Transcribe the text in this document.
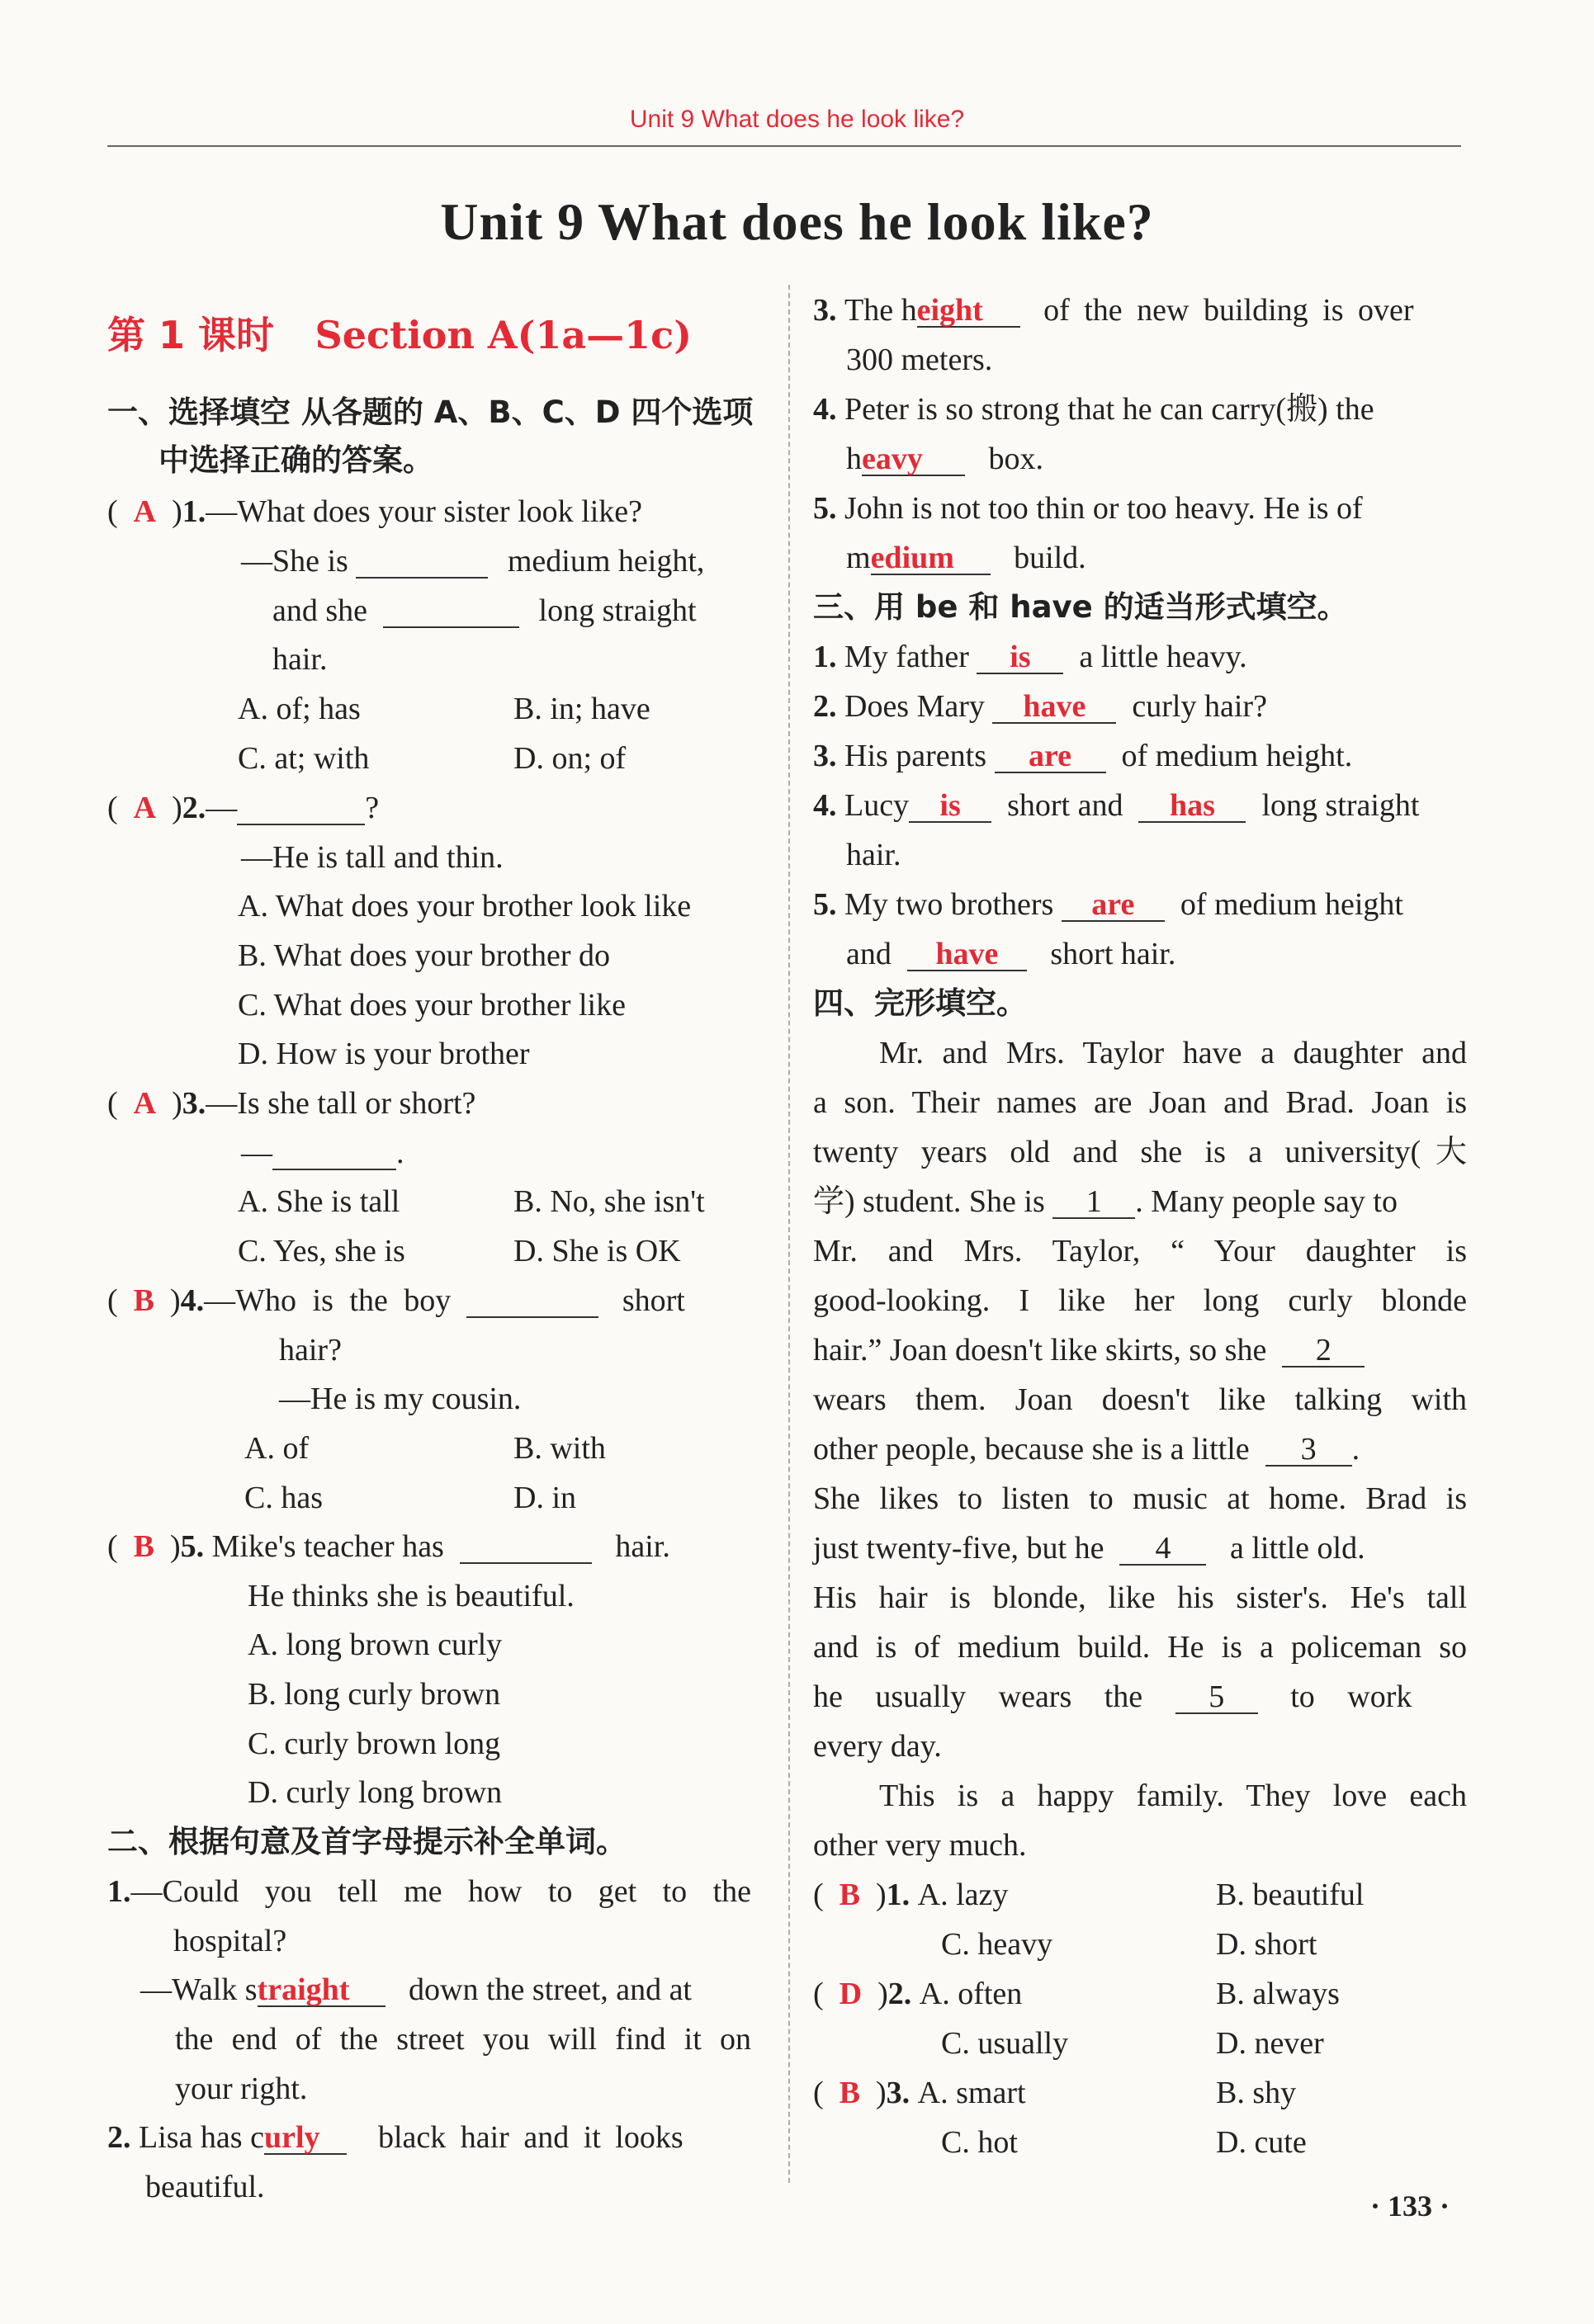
Unit 9 What does he look like?
Unit 9 What does he look like?
第 1 课时 Section A(1a—1c)
一、选择填空 从各题的 A、B、C、D 四个选项
中选择正确的答案。
(  A  )1.—What does your sister look like?
—She is	medium height,
and she	long straight
hair.
A. of; has	B. in; have
C. at; with	D. on; of
(  A  )2.—	?
—He is tall and thin.
A. What does your brother look like
B. What does your brother do
C. What does your brother like
D. How is your brother
(  A  )3.—Is she tall or short?
—	.
A. She is tall	B. No, she isn't
C. Yes, she is	D. She is OK
(  B  )4.—Who is the boy	short
hair?
—He is my cousin.
A. of	B. with
C. has	D. in
(  B  )5. Mike's teacher has	hair.
He thinks she is beautiful.
A. long brown curly
B. long curly brown
C. curly brown long
D. curly long brown
二、根据句意及首字母提示补全单词。
1.—Could you tell me how to get to the
hospital?
—Walk straight down the street, and at
the end of the street you will find it on
your right.
2. Lisa has curly black hair and it looks
beautiful.
3. The height of the new building is over
300 meters.
4. Peter is so strong that he can carry(搬) the
heavy box.
5. John is not too thin or too heavy. He is of
medium build.
三、用 be 和 have 的适当形式填空。
1. My father is a little heavy.
2. Does Mary have curly hair?
3. His parents are of medium height.
4. Lucy is short and has long straight
hair.
5. My two brothers are of medium height
and have short hair.
四、完形填空。
Mr. and Mrs. Taylor have a daughter and
a son. Their names are Joan and Brad. Joan is
twenty years old and she is a university(大
学) student. She is 1 . Many people say to
Mr. and Mrs. Taylor, “ Your daughter is
good-looking. I like her long curly blonde
hair.” Joan doesn't like skirts, so she 2
wears them. Joan doesn't like talking with
other people, because she is a little 3 .
She likes to listen to music at home. Brad is
just twenty-five, but he 4 a little old.
His hair is blonde, like his sister's. He's tall
and is of medium build. He is a policeman so
he usually wears the 5 to work
every day.
This is a happy family. They love each
other very much.
(  B  )1. A. lazy	B. beautiful
C. heavy	D. short
(  D  )2. A. often	B. always
C. usually	D. never
(  B  )3. A. smart	B. shy
C. hot	D. cute
· 133 ·
